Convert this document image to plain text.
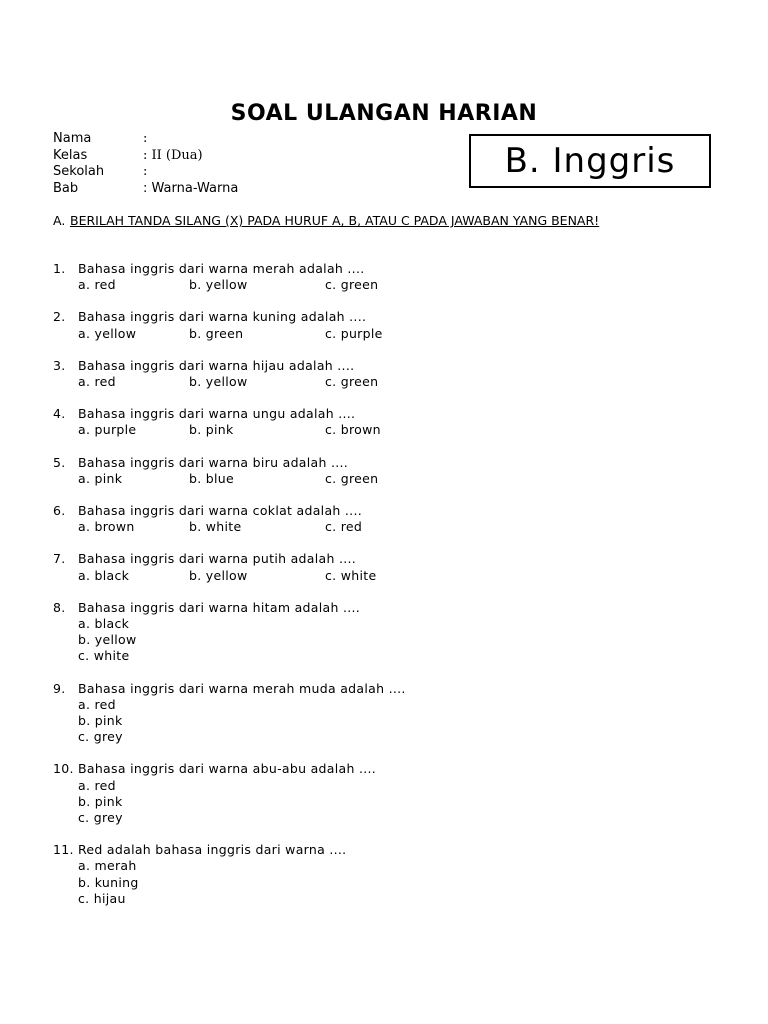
SOAL ULANGAN HARIAN
Nama	:
Kelas	: II (Dua)
Sekolah	:
Bab	: Warna-Warna
B. Inggris
A. BERILAH TANDA SILANG (X) PADA HURUF A, B, ATAU C PADA JAWABAN YANG BENAR!
1. Bahasa inggris dari warna merah adalah ....
a. red	b. yellow	c. green
2. Bahasa inggris dari warna kuning adalah ....
a. yellow	b. green	c. purple
3. Bahasa inggris dari warna hijau adalah ....
a. red	b. yellow	c. green
4. Bahasa inggris dari warna ungu adalah ....
a. purple	b. pink	c. brown
5. Bahasa inggris dari warna biru adalah ....
a. pink	b. blue	c. green
6. Bahasa inggris dari warna coklat adalah ....
a. brown	b. white	c. red
7. Bahasa inggris dari warna putih adalah ....
a. black	b. yellow	c. white
8. Bahasa inggris dari warna hitam adalah ....
a. black
b. yellow
c. white
9. Bahasa inggris dari warna merah muda adalah ....
a. red
b. pink
c. grey
10. Bahasa inggris dari warna abu-abu adalah ....
a. red
b. pink
c. grey
11. Red adalah bahasa inggris dari warna ....
a. merah
b. kuning
c. hijau
